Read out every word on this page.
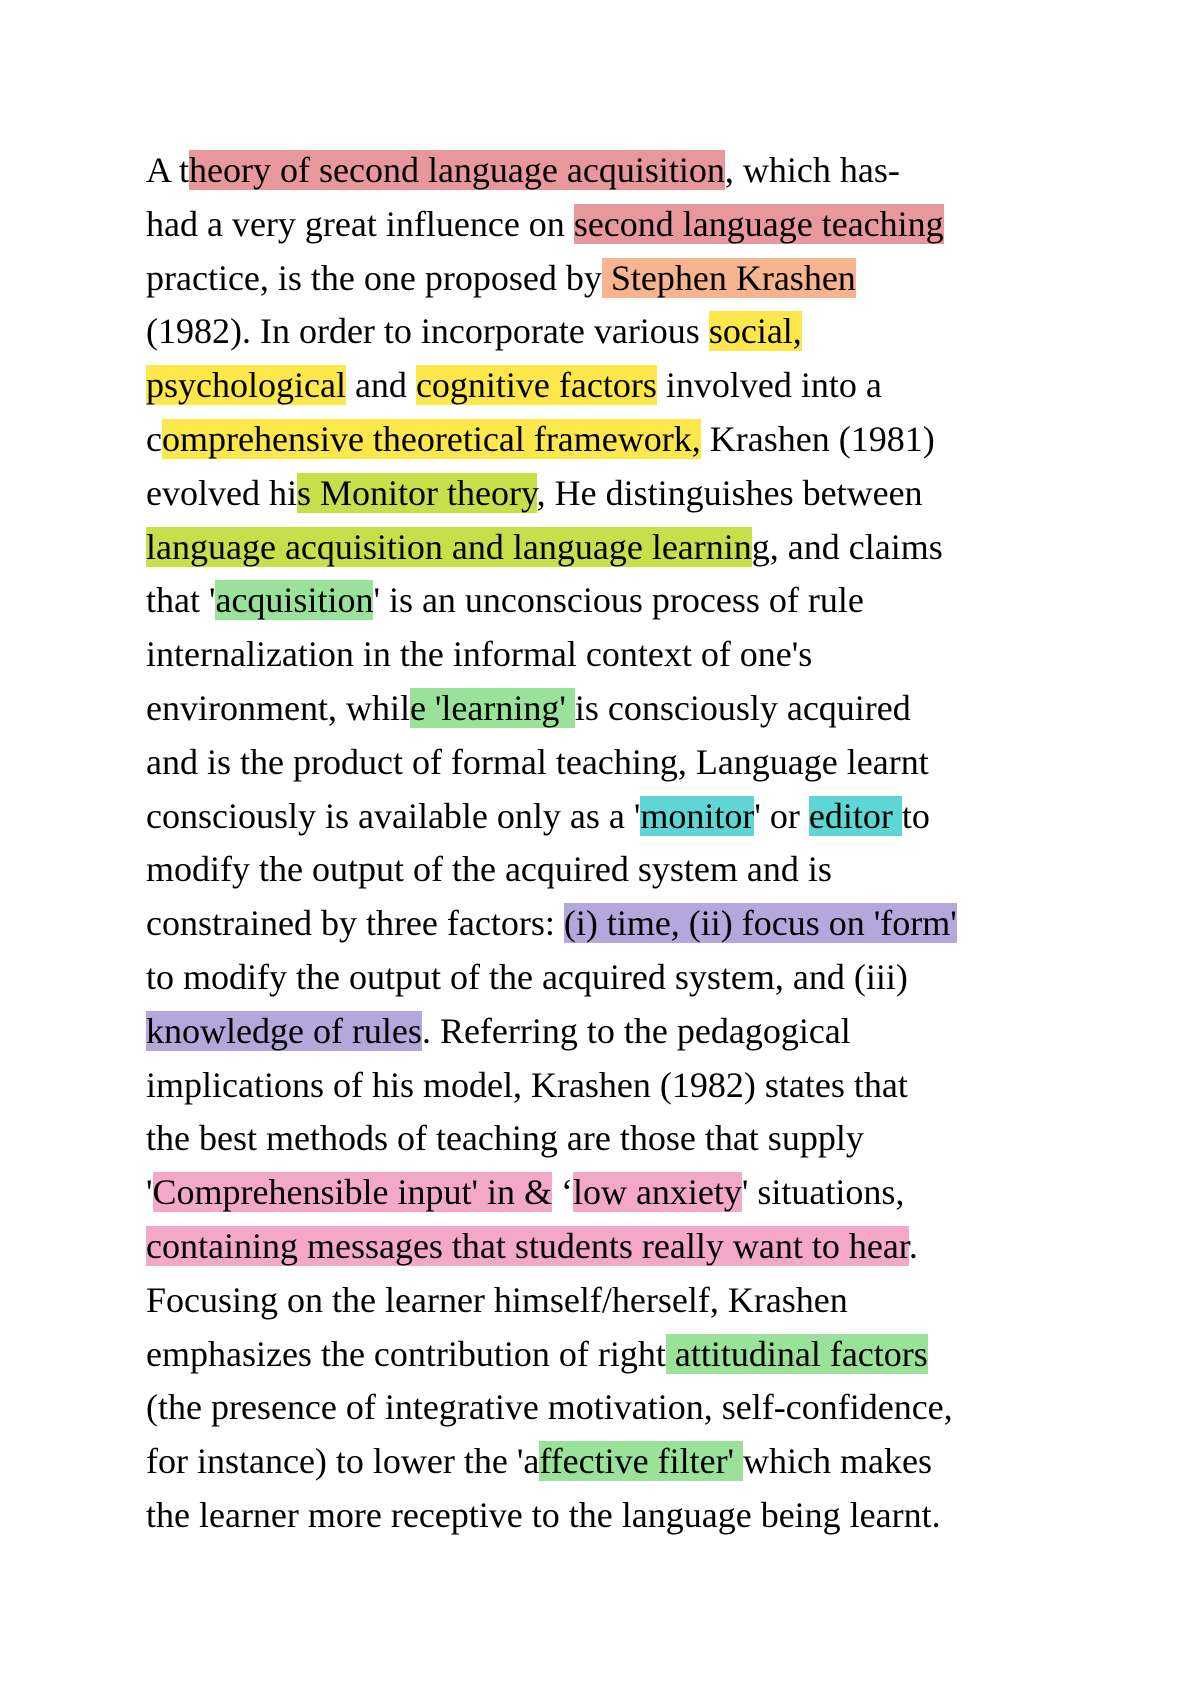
A theory of second language acquisition, which has-
had a very great influence on second language teaching
practice, is the one proposed by Stephen Krashen
(1982). In order to incorporate various social,
psychological and cognitive factors involved into a
comprehensive theoretical framework, Krashen (1981)
evolved his Monitor theory, He distinguishes between
language acquisition and language learning, and claims
that 'acquisition' is an unconscious process of rule
internalization in the informal context of one's
environment, while 'learning' is consciously acquired
and is the product of formal teaching, Language learnt
consciously is available only as a 'monitor' or editor to
modify the output of the acquired system and is
constrained by three factors: (i) time, (ii) focus on 'form'
to modify the output of the acquired system, and (iii)
knowledge of rules. Referring to the pedagogical
implications of his model, Krashen (1982) states that
the best methods of teaching are those that supply
'Comprehensible input' in & ‘low anxiety' situations,
containing messages that students really want to hear.
Focusing on the learner himself/herself, Krashen
emphasizes the contribution of right attitudinal factors
(the presence of integrative motivation, self-confidence,
for instance) to lower the 'affective filter' which makes
the learner more receptive to the language being learnt.
